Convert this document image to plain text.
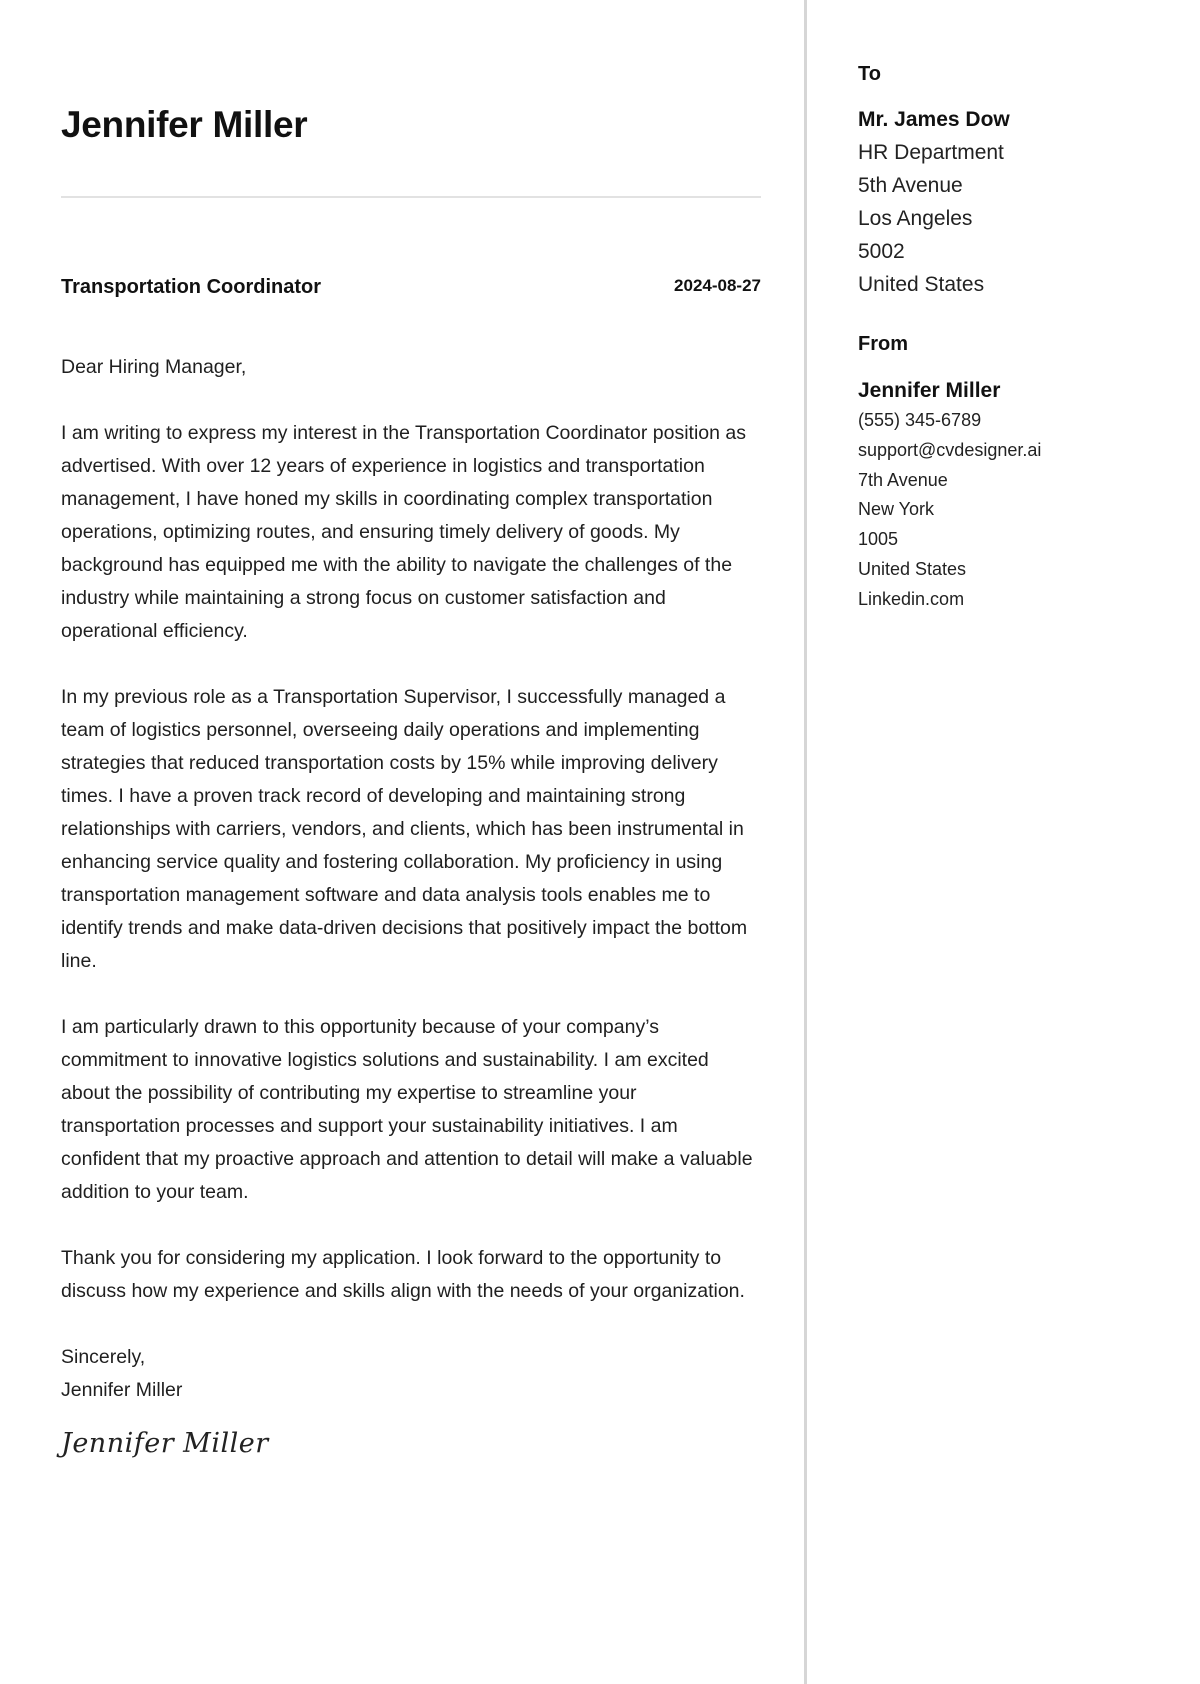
Jennifer Miller
Transportation Coordinator	2024-08-27

Dear Hiring Manager,

I am writing to express my interest in the Transportation Coordinator position as advertised. With over 12 years of experience in logistics and transportation management, I have honed my skills in coordinating complex transportation operations, optimizing routes, and ensuring timely delivery of goods. My background has equipped me with the ability to navigate the challenges of the industry while maintaining a strong focus on customer satisfaction and operational efficiency.

In my previous role as a Transportation Supervisor, I successfully managed a team of logistics personnel, overseeing daily operations and implementing strategies that reduced transportation costs by 15% while improving delivery times. I have a proven track record of developing and maintaining strong relationships with carriers, vendors, and clients, which has been instrumental in enhancing service quality and fostering collaboration. My proficiency in using transportation management software and data analysis tools enables me to identify trends and make data-driven decisions that positively impact the bottom line.

I am particularly drawn to this opportunity because of your company’s commitment to innovative logistics solutions and sustainability. I am excited about the possibility of contributing my expertise to streamline your transportation processes and support your sustainability initiatives. I am confident that my proactive approach and attention to detail will make a valuable addition to your team.

Thank you for considering my application. I look forward to the opportunity to discuss how my experience and skills align with the needs of your organization.

Sincerely,

Jennifer Miller

Jennifer Miller
To
Mr. James Dow
HR Department
5th Avenue
Los Angeles
5002
United States
From
Jennifer Miller
(555) 345-6789
support@cvdesigner.ai
7th Avenue
New York
1005
United States
Linkedin.com
